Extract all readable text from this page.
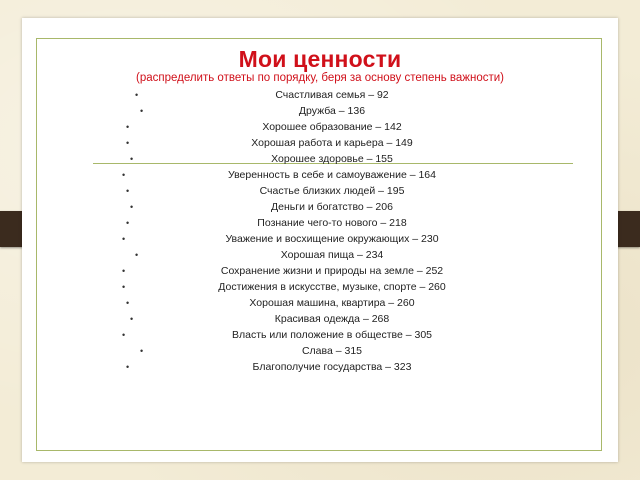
Мои ценности
(распределить ответы по порядку, беря за основу степень важности)
•	Счастливая семья – 92
•	Дружба – 136
•	Хорошее образование – 142
•	Хорошая работа и карьера – 149
•	Хорошее здоровье – 155
•	Уверенность в себе и самоуважение – 164
•	Счастье близких людей – 195
•	Деньги и богатство – 206
•	Познание чего-то нового – 218
•	Уважение и восхищение окружающих – 230
•	Хорошая пища – 234
•	Сохранение жизни и природы на земле – 252
•	Достижения в искусстве, музыке, спорте – 260
•	Хорошая машина, квартира – 260
•	Красивая одежда – 268
•	Власть или положение в обществе – 305
•	Слава – 315
•	Благополучие государства – 323
